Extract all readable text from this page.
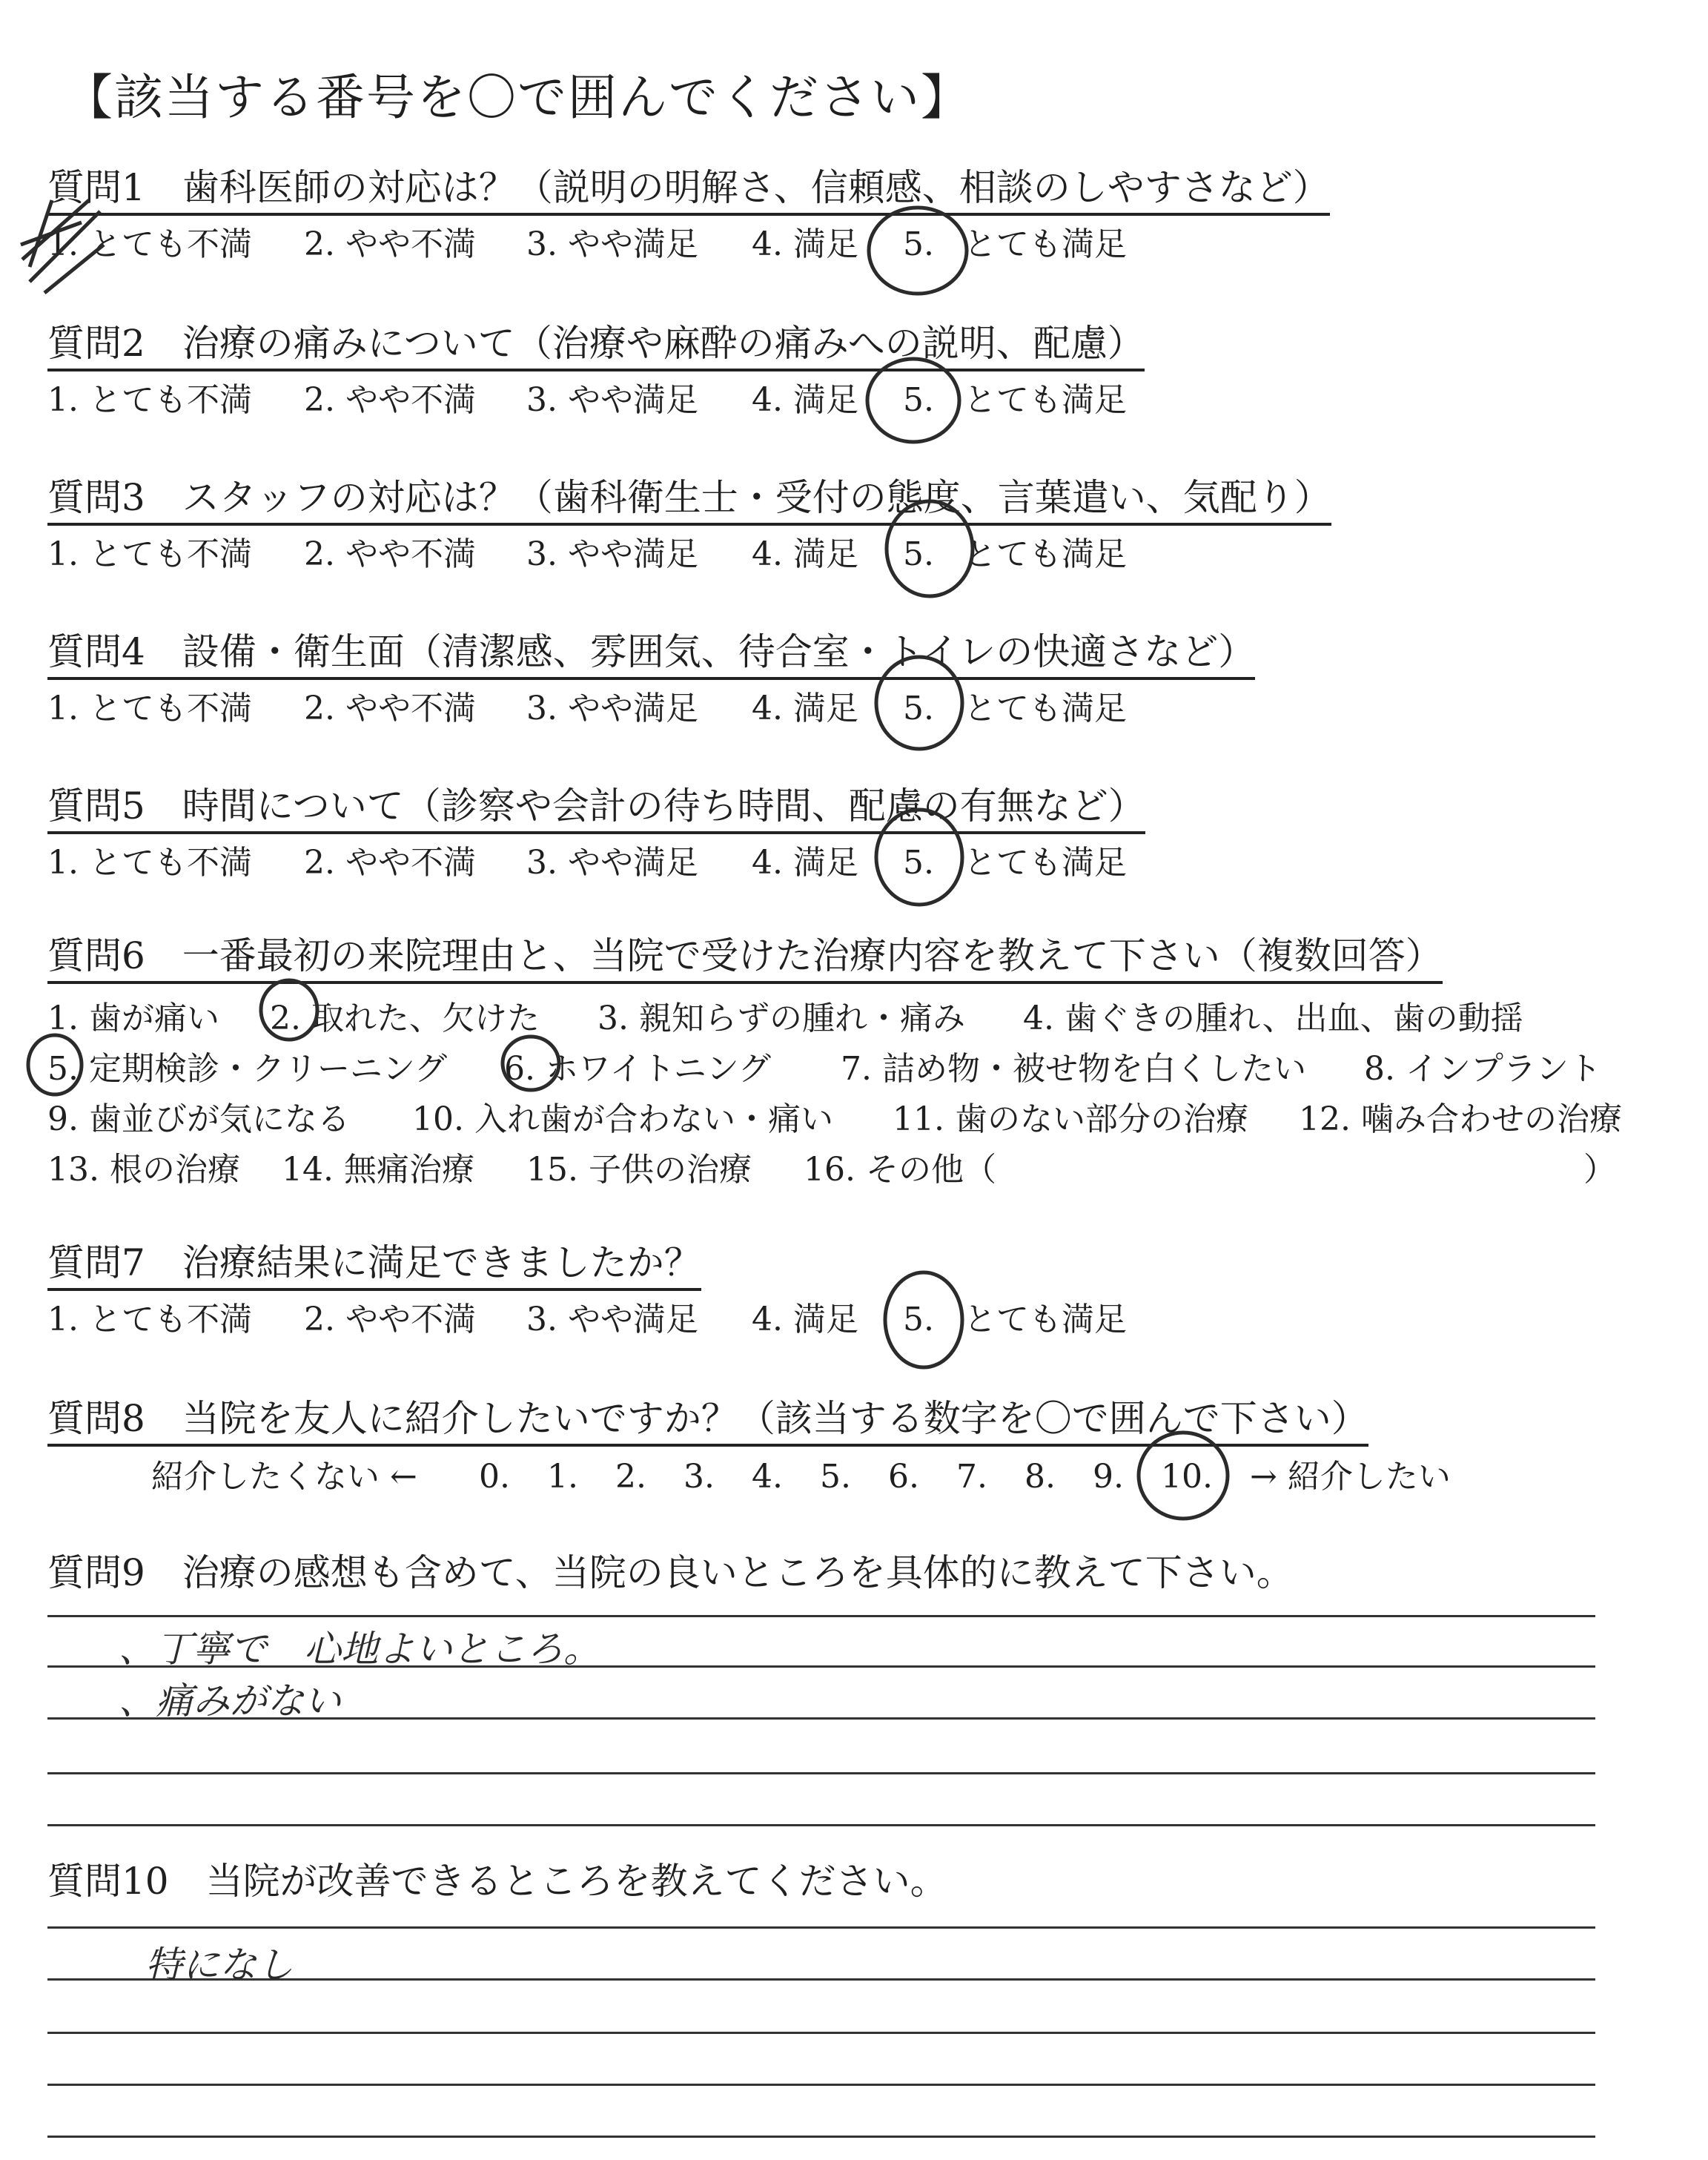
【該当する番号を〇で囲んでください】
質問1　歯科医師の対応は？（説明の明解さ、信頼感、相談のしやすさなど）
1. とても不満 2. やや不満 3. やや満足 4. 満足 5. とても満足
質問2　治療の痛みについて（治療や麻酔の痛みへの説明、配慮）
1. とても不満 2. やや不満 3. やや満足 4. 満足 5. とても満足
質問3　スタッフの対応は？（歯科衛生士・受付の態度、言葉遣い、気配り）
1. とても不満 2. やや不満 3. やや満足 4. 満足 5. とても満足
質問4　設備・衛生面（清潔感、雰囲気、待合室・トイレの快適さなど）
1. とても不満 2. やや不満 3. やや満足 4. 満足 5. とても満足
質問5　時間について（診察や会計の待ち時間、配慮の有無など）
1. とても不満 2. やや不満 3. やや満足 4. 満足 5. とても満足
質問6　一番最初の来院理由と、当院で受けた治療内容を教えて下さい（複数回答）
1. 歯が痛い 2. 取れた、欠けた 3. 親知らずの腫れ・痛み 4. 歯ぐきの腫れ、出血、歯の動揺
5. 定期検診・クリーニング 6. ホワイトニング 7. 詰め物・被せ物を白くしたい 8. インプラント
9. 歯並びが気になる 10. 入れ歯が合わない・痛い 11. 歯のない部分の治療 12. 噛み合わせの治療
13. 根の治療 14. 無痛治療 15. 子供の治療 16. その他（	）
質問7　治療結果に満足できましたか？
1. とても不満 2. やや不満 3. やや満足 4. 満足 5. とても満足
質問8　当院を友人に紹介したいですか？（該当する数字を〇で囲んで下さい）
紹介したくない ← 0. 1. 2. 3. 4. 5. 6. 7. 8. 9. 10. → 紹介したい
質問9　治療の感想も含めて、当院の良いところを具体的に教えて下さい。
、丁寧で　心地よいところ。
、痛みがない
質問10　当院が改善できるところを教えてください。
特になし
